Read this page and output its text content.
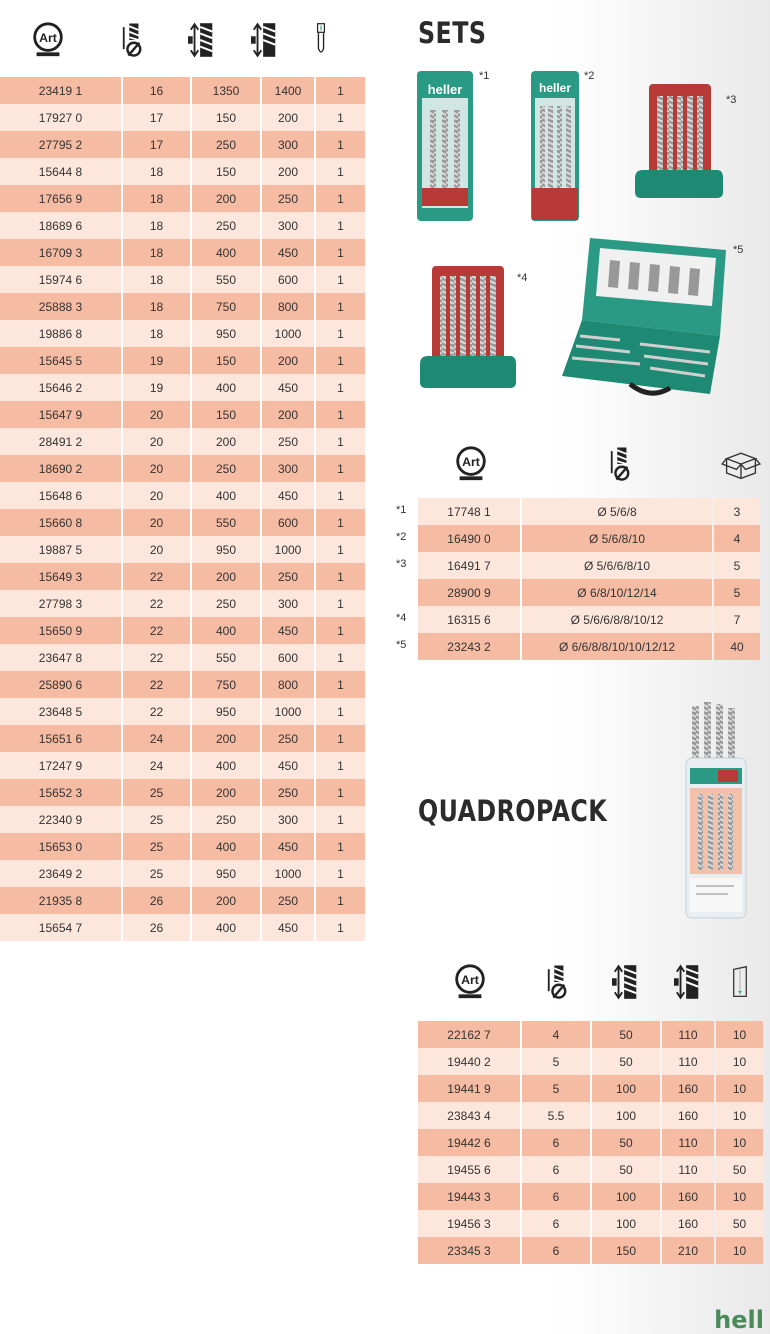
23419 1	16	1350	1400	1
17927 0	17	150	200	1
27795 2	17	250	300	1
15644 8	18	150	200	1
17656 9	18	200	250	1
18689 6	18	250	300	1
16709 3	18	400	450	1
15974 6	18	550	600	1
25888 3	18	750	800	1
19886 8	18	950	1000	1
15645 5	19	150	200	1
15646 2	19	400	450	1
15647 9	20	150	200	1
28491 2	20	200	250	1
18690 2	20	250	300	1
15648 6	20	400	450	1
15660 8	20	550	600	1
19887 5	20	950	1000	1
15649 3	22	200	250	1
27798 3	22	250	300	1
15650 9	22	400	450	1
23647 8	22	550	600	1
25890 6	22	750	800	1
23648 5	22	950	1000	1
15651 6	24	200	250	1
17247 9	24	400	450	1
15652 3	25	200	250	1
22340 9	25	250	300	1
15653 0	25	400	450	1
23649 2	25	950	1000	1
21935 8	26	200	250	1
15654 7	26	400	450	1
SETS
heller
*1
heller
*2
*3
*4
*5
*1
*2
*3
*4
*5
17748 1	Ø 5/6/8	3
16490 0	Ø 5/6/8/10	4
16491 7	Ø 5/6/6/8/10	5
28900 9	Ø 6/8/10/12/14	5
16315 6	Ø 5/6/6/8/8/10/12	7
23243 2	Ø 6/6/8/8/10/10/12/12	40
QUADROPACK
22162 7	4	50	110	10
19440 2	5	50	110	10
19441 9	5	100	160	10
23843 4	5.5	100	160	10
19442 6	6	50	110	10
19455 6	6	50	110	50
19443 3	6	100	160	10
19456 3	6	100	160	50
23345 3	6	150	210	10
hell
